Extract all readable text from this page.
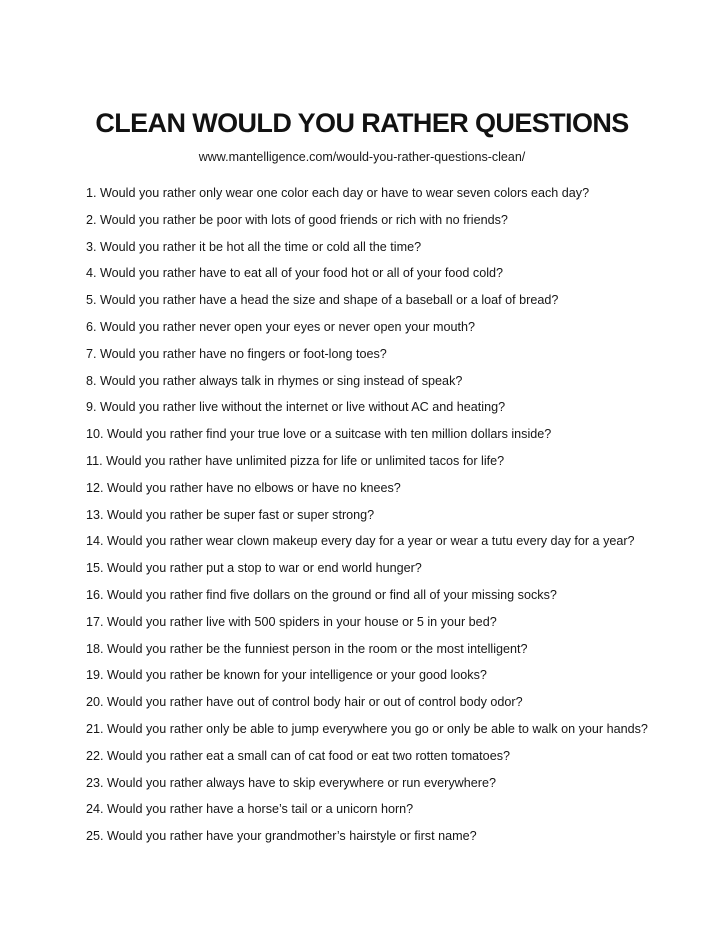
CLEAN WOULD YOU RATHER QUESTIONS
www.mantelligence.com/would-you-rather-questions-clean/
1. Would you rather only wear one color each day or have to wear seven colors each day?
2. Would you rather be poor with lots of good friends or rich with no friends?
3. Would you rather it be hot all the time or cold all the time?
4. Would you rather have to eat all of your food hot or all of your food cold?
5. Would you rather have a head the size and shape of a baseball or a loaf of bread?
6. Would you rather never open your eyes or never open your mouth?
7. Would you rather have no fingers or foot-long toes?
8. Would you rather always talk in rhymes or sing instead of speak?
9. Would you rather live without the internet or live without AC and heating?
10. Would you rather find your true love or a suitcase with ten million dollars inside?
11. Would you rather have unlimited pizza for life or unlimited tacos for life?
12. Would you rather have no elbows or have no knees?
13. Would you rather be super fast or super strong?
14. Would you rather wear clown makeup every day for a year or wear a tutu every day for a year?
15. Would you rather put a stop to war or end world hunger?
16. Would you rather find five dollars on the ground or find all of your missing socks?
17. Would you rather live with 500 spiders in your house or 5 in your bed?
18. Would you rather be the funniest person in the room or the most intelligent?
19. Would you rather be known for your intelligence or your good looks?
20. Would you rather have out of control body hair or out of control body odor?
21. Would you rather only be able to jump everywhere you go or only be able to walk on your hands?
22. Would you rather eat a small can of cat food or eat two rotten tomatoes?
23. Would you rather always have to skip everywhere or run everywhere?
24. Would you rather have a horse’s tail or a unicorn horn?
25. Would you rather have your grandmother’s hairstyle or first name?
